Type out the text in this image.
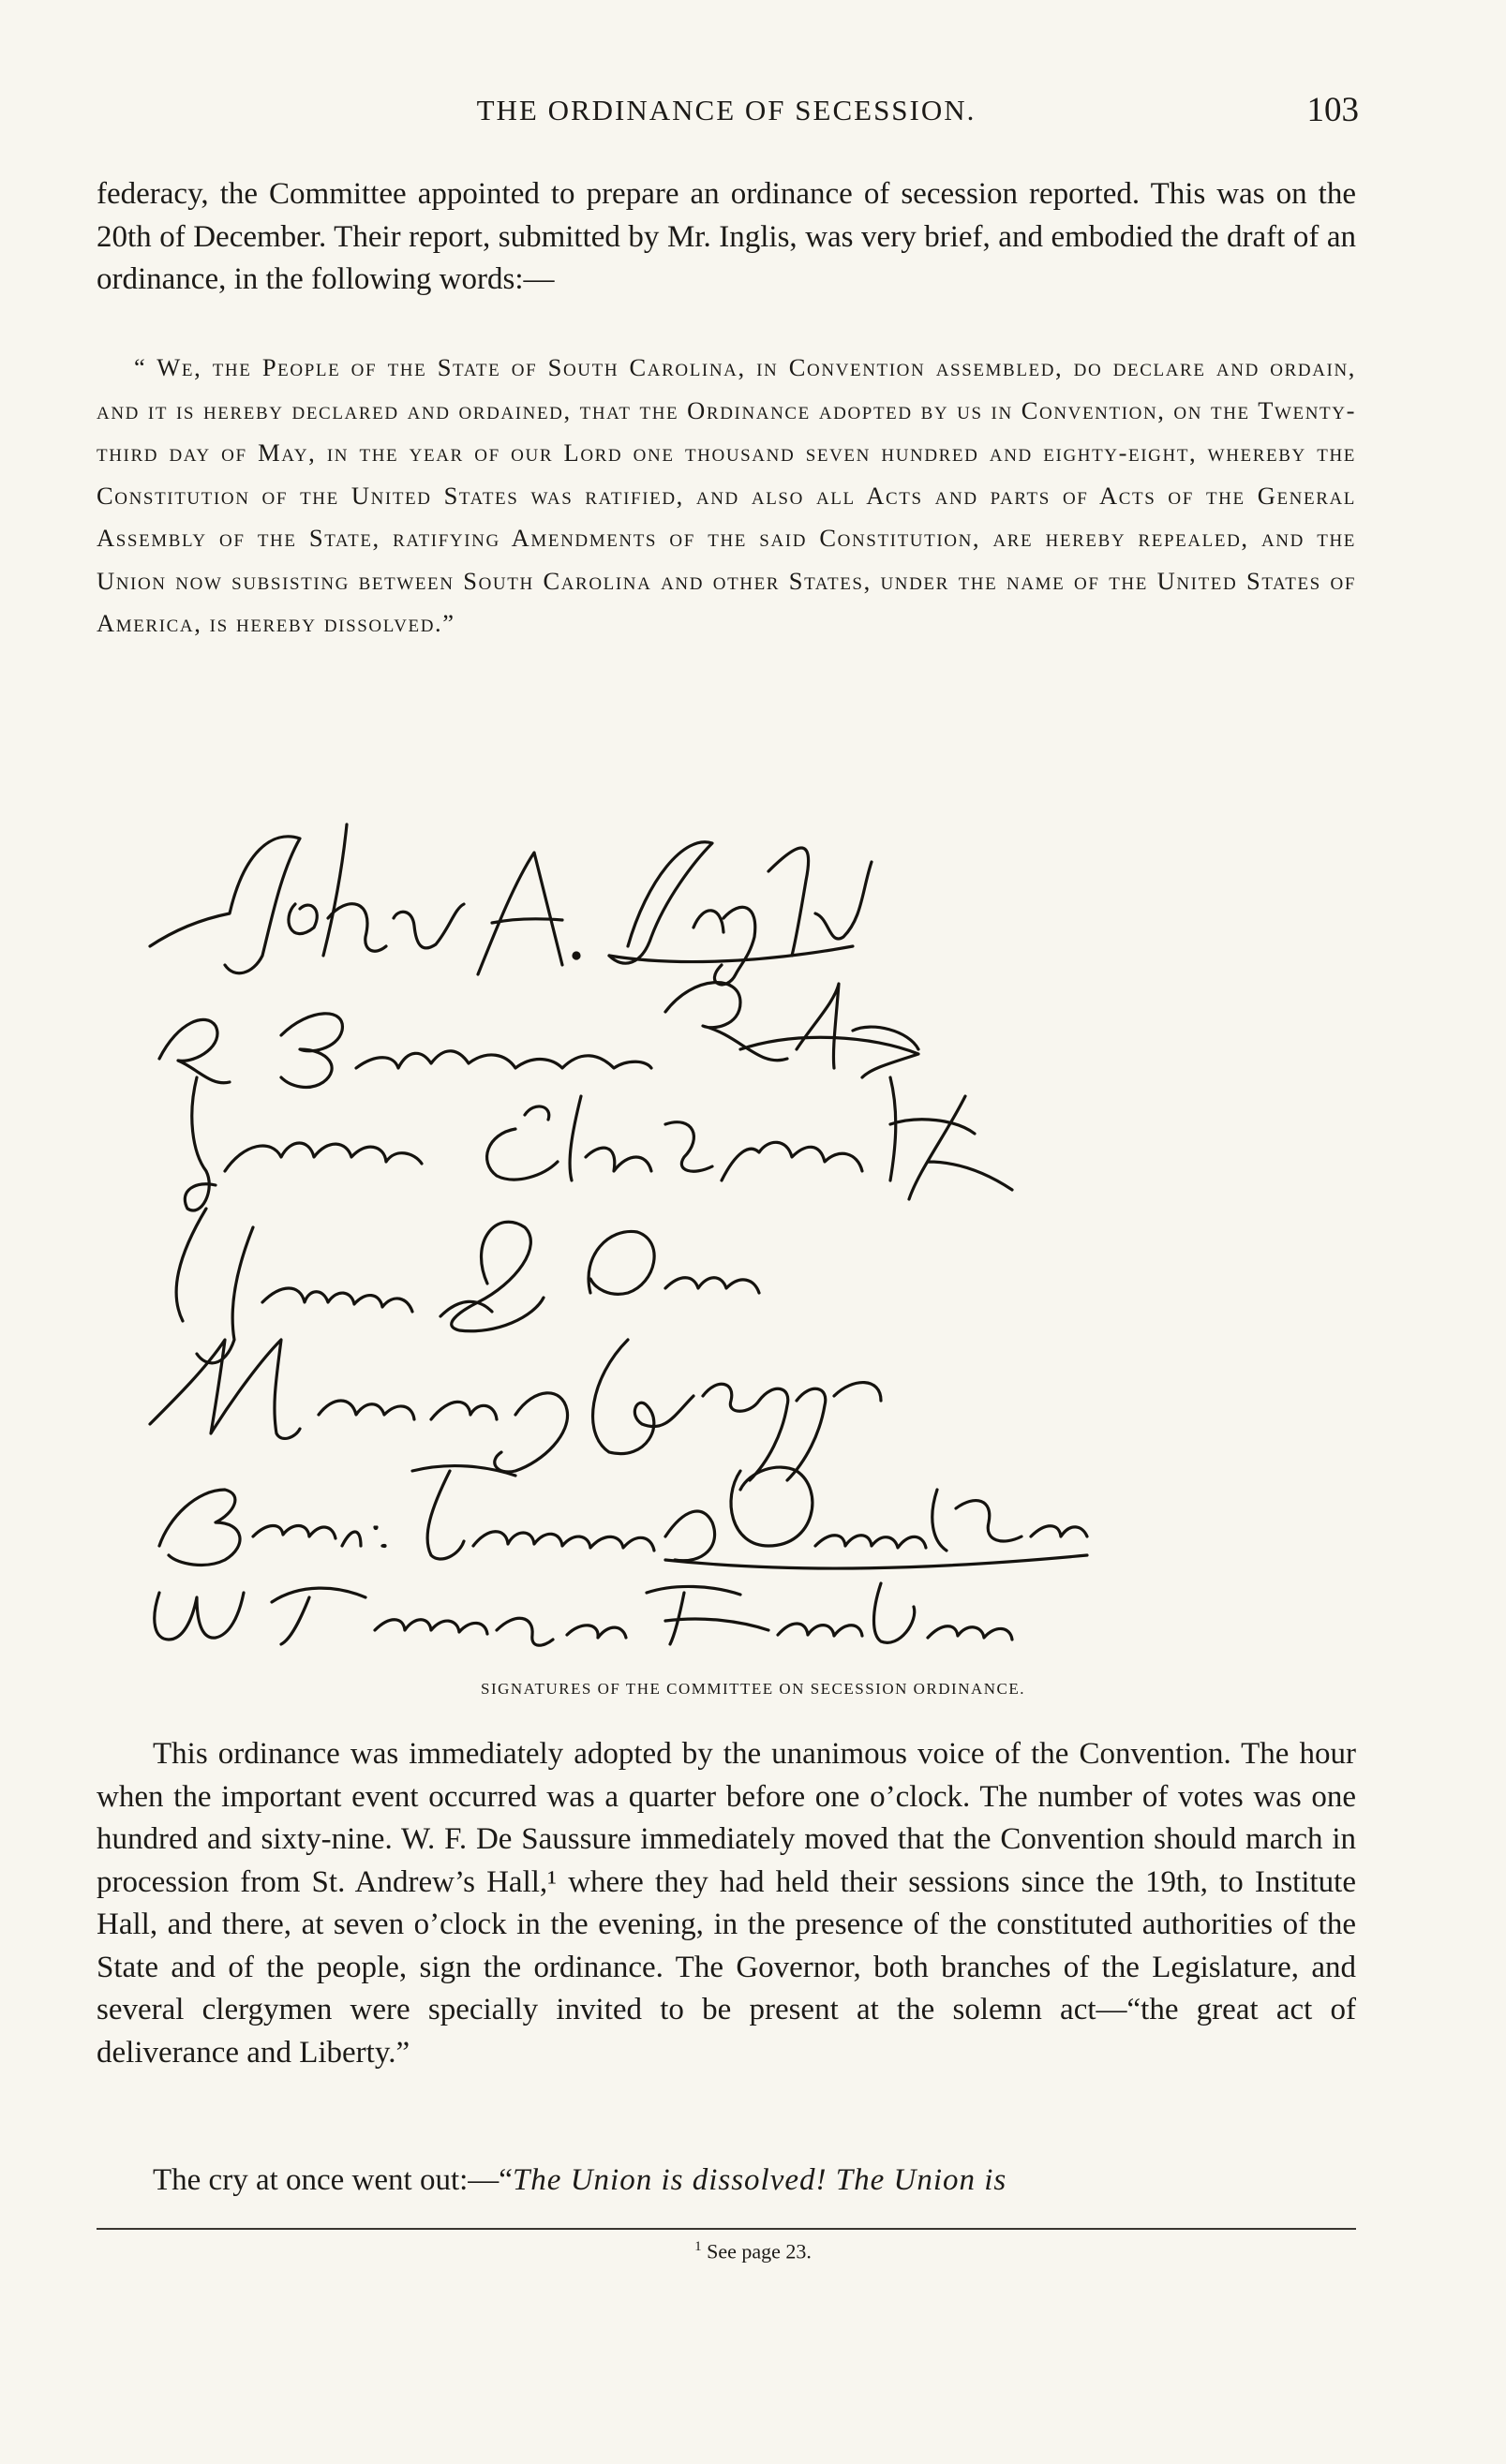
THE ORDINANCE OF SECESSION.	103

federacy, the Committee appointed to prepare an ordinance of secession reported. This was on the 20th of December. Their report, submitted by Mr. Inglis, was very brief, and embodied the draft of an ordinance, in the following words:—

“ We, the People of the State of South Carolina, in Convention assembled, do declare and ordain, and it is hereby declared and ordained, that the Ordinance adopted by us in Convention, on the Twenty-third day of May, in the year of our Lord one thousand seven hundred and eighty-eight, whereby the Constitution of the United States was ratified, and also all Acts and parts of Acts of the General Assembly of the State, ratifying Amendments of the said Constitution, are hereby repealed, and the Union now subsisting between South Carolina and other States, under the name of the United States of America, is hereby dissolved.”
SIGNATURES OF THE COMMITTEE ON SECESSION ORDINANCE.

This ordinance was immediately adopted by the unanimous voice of the Convention. The hour when the important event occurred was a quarter before one o’clock. The number of votes was one hundred and sixty-nine. W. F. De Saussure immediately moved that the Convention should march in procession from St. Andrew’s Hall,¹ where they had held their sessions since the 19th, to Institute Hall, and there, at seven o’clock in the evening, in the presence of the constituted authorities of the State and of the people, sign the ordinance. The Governor, both branches of the Legislature, and several clergymen were specially invited to be present at the solemn act—“the great act of deliverance and Liberty.”

The cry at once went out:—“The Union is dissolved! The Union is

$^1$ See page 23.
